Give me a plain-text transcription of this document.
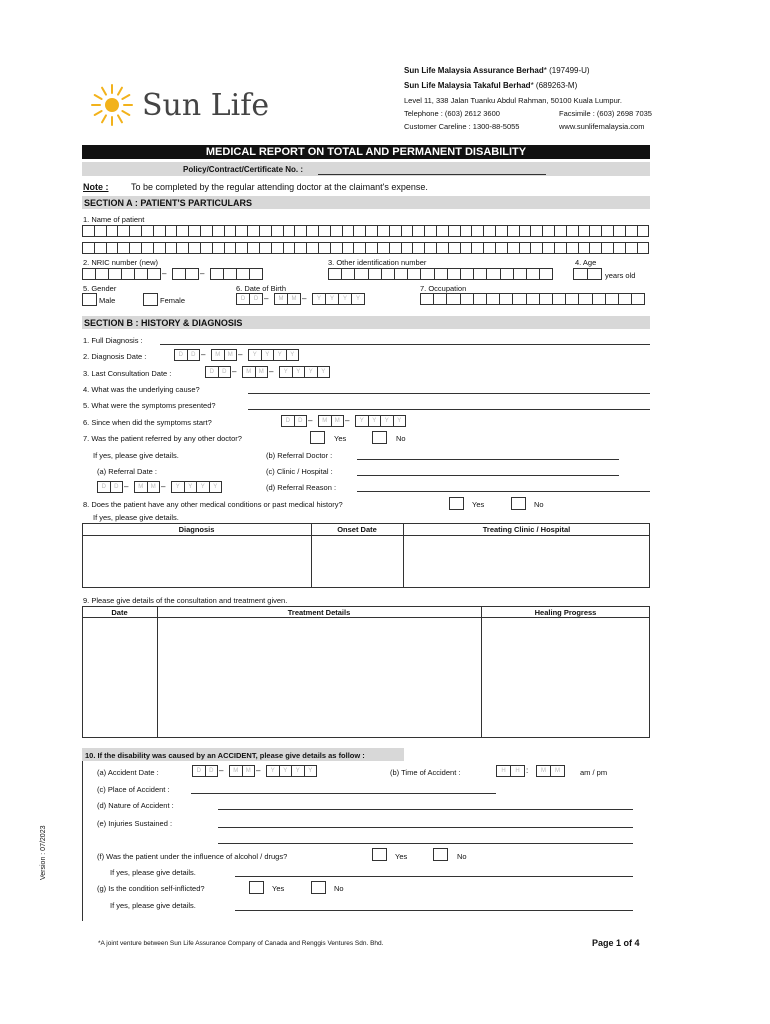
Sun Life
Sun Life Malaysia Assurance Berhad* (197499-U)
Sun Life Malaysia Takaful Berhad* (689263-M)
Level 11, 338 Jalan Tuanku Abdul Rahman, 50100 Kuala Lumpur.
Telephone : (603) 2612 3600	Facsimile : (603) 2698 7035
Customer Careline : 1300-88-5055	www.sunlifemalaysia.com
MEDICAL REPORT ON TOTAL AND PERMANENT DISABILITY
Policy/Contract/Certificate No. :
Note :	To be completed by the regular attending doctor at the claimant's expense.
SECTION A : PATIENT'S PARTICULARS
1. Name of patient
2. NRIC number (new)	3. Other identification number	4. Age
–	–	years old
5. Gender	6. Date of Birth	7. Occupation
Male	Female	D	D –	M	M –	Y	Y	Y	Y
SECTION B : HISTORY & DIAGNOSIS
1. Full Diagnosis :
2. Diagnosis Date :	D	D –	M	M –	Y	Y	Y	Y
3. Last Consultation Date :	D	D –	M	M –	Y	Y	Y	Y
4. What was the underlying cause?
5. What were the symptoms presented?
6. Since when did the symptoms start?	D	D –	M	M –	Y	Y	Y	Y
7. Was the patient referred by any other doctor?	Yes	No
If yes, please give details.	(b) Referral Doctor :
(a) Referral Date :	(c) Clinic / Hospital :
D	D –	M	M –	Y	Y	Y	Y	(d) Referral Reason :
8. Does the patient have any other medical conditions or past medical history?	Yes	No
If yes, please give details.
Diagnosis	Onset Date	Treating Clinic / Hospital
9. Please give details of the consultation and treatment given.
Date	Treatment Details	Healing Progress
10. If the disability was caused by an ACCIDENT, please give details as follow :
(a) Accident Date :	D	D –	M	M –	Y	Y	Y	Y	(b) Time of Accident :	H	H :	M	M	am / pm
(c) Place of Accident :
(d) Nature of Accident :
(e) Injuries Sustained :
(f) Was the patient under the influence of alcohol / drugs?	Yes	No
If yes, please give details.
(g) Is the condition self-inflicted?	Yes	No
If yes, please give details.
Version : 07/2023
*A joint venture between Sun Life Assurance Company of Canada and Renggis Ventures Sdn. Bhd.	Page 1 of 4
